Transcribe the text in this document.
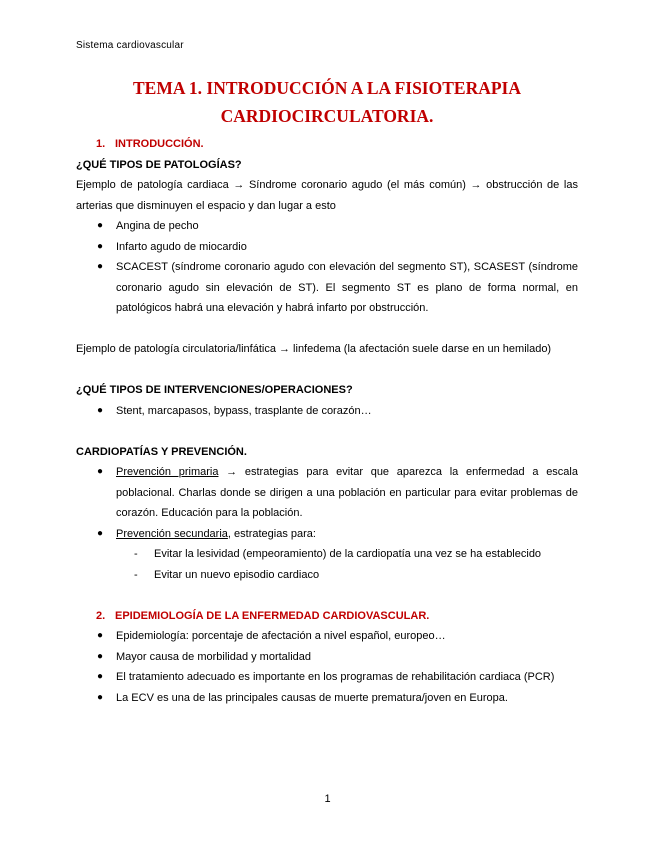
Sistema cardiovascular
TEMA 1. INTRODUCCIÓN A LA FISIOTERAPIA
CARDIOCIRCULATORIA.
1. INTRODUCCIÓN.
¿QUÉ TIPOS DE PATOLOGÍAS?
Ejemplo de patología cardiaca → Síndrome coronario agudo (el más común) → obstrucción de las arterias que disminuyen el espacio y dan lugar a esto
● Angina de pecho
● Infarto agudo de miocardio
● SCACEST (síndrome coronario agudo con elevación del segmento ST), SCASEST (síndrome coronario agudo sin elevación de ST). El segmento ST es plano de forma normal, en patológicos habrá una elevación y habrá infarto por obstrucción.
Ejemplo de patología circulatoria/linfática → linfedema (la afectación suele darse en un hemilado)
¿QUÉ TIPOS DE INTERVENCIONES/OPERACIONES?
● Stent, marcapasos, bypass, trasplante de corazón…
CARDIOPATÍAS Y PREVENCIÓN.
● Prevención primaria → estrategias para evitar que aparezca la enfermedad a escala poblacional. Charlas donde se dirigen a una población en particular para evitar problemas de corazón. Educación para la población.
● Prevención secundaria, estrategias para:
- Evitar la lesividad (empeoramiento) de la cardiopatía una vez se ha establecido
- Evitar un nuevo episodio cardiaco
2. EPIDEMIOLOGÍA DE LA ENFERMEDAD CARDIOVASCULAR.
● Epidemiología: porcentaje de afectación a nivel español, europeo…
● Mayor causa de morbilidad y mortalidad
● El tratamiento adecuado es importante en los programas de rehabilitación cardiaca (PCR)
● La ECV es una de las principales causas de muerte prematura/joven en Europa.
1
